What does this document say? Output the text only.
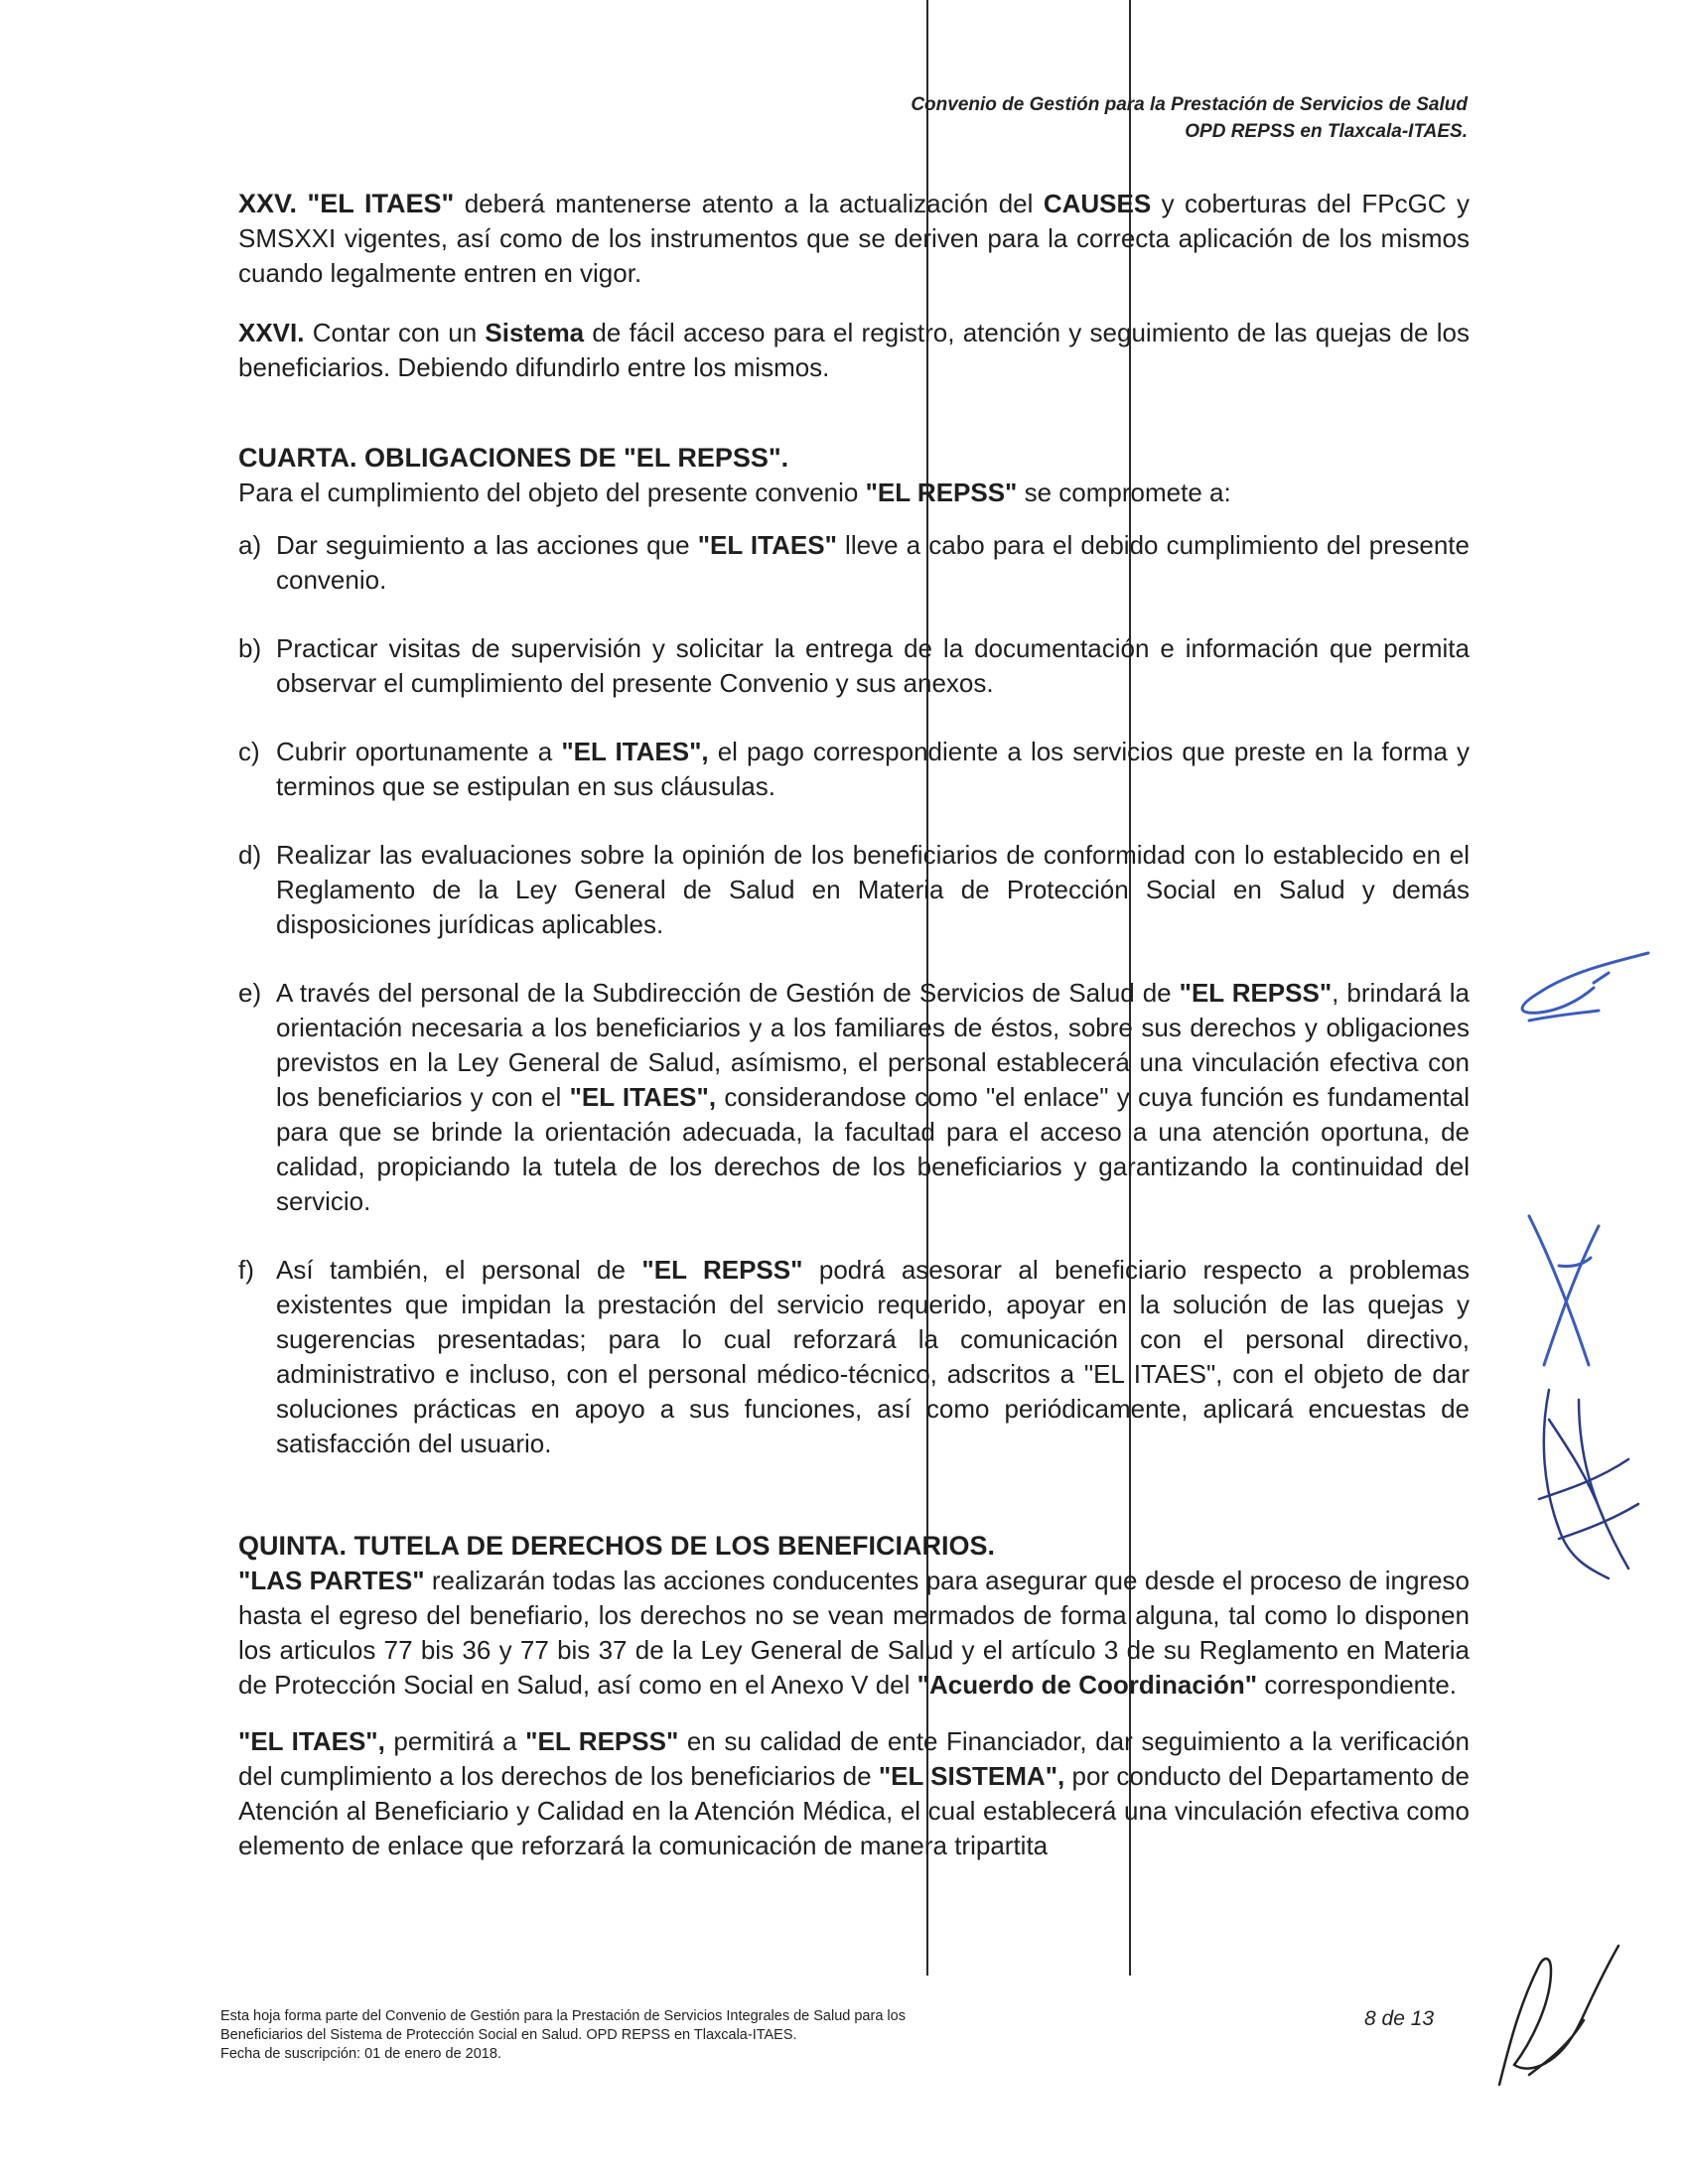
Convenio de Gestión para la Prestación de Servicios de Salud
OPD REPSS en Tlaxcala-ITAES.

XXV. "EL ITAES" deberá mantenerse atento a la actualización del CAUSES y coberturas del FPcGC y SMSXXI vigentes, así como de los instrumentos que se deriven para la correcta aplicación de los mismos cuando legalmente entren en vigor.

XXVI. Contar con un Sistema de fácil acceso para el registro, atención y seguimiento de las quejas de los beneficiarios. Debiendo difundirlo entre los mismos.

CUARTA. OBLIGACIONES DE "EL REPSS".

Para el cumplimiento del objeto del presente convenio "EL REPSS" se compromete a:

a) Dar seguimiento a las acciones que "EL ITAES" lleve a cabo para el debido cumplimiento del presente convenio.
b) Practicar visitas de supervisión y solicitar la entrega de la documentación e información que permita observar el cumplimiento del presente Convenio y sus anexos.
c) Cubrir oportunamente a "EL ITAES", el pago correspondiente a los servicios que preste en la forma y terminos que se estipulan en sus cláusulas.
d) Realizar las evaluaciones sobre la opinión de los beneficiarios de conformidad con lo establecido en el Reglamento de la Ley General de Salud en Materia de Protección Social en Salud y demás disposiciones jurídicas aplicables.
e) A través del personal de la Subdirección de Gestión de Servicios de Salud de "EL REPSS", brindará la orientación necesaria a los beneficiarios y a los familiares de éstos, sobre sus derechos y obligaciones previstos en la Ley General de Salud, asímismo, el personal establecerá una vinculación efectiva con los beneficiarios y con el "EL ITAES", considerandose como "el enlace" y cuya función es fundamental para que se brinde la orientación adecuada, la facultad para el acceso a una atención oportuna, de calidad, propiciando la tutela de los derechos de los beneficiarios y garantizando la continuidad del servicio.
f) Así también, el personal de "EL REPSS" podrá asesorar al beneficiario respecto a problemas existentes que impidan la prestación del servicio requerido, apoyar en la solución de las quejas y sugerencias presentadas; para lo cual reforzará la comunicación con el personal directivo, administrativo e incluso, con el personal médico-técnico, adscritos a "EL ITAES", con el objeto de dar soluciones prácticas en apoyo a sus funciones, así como periódicamente, aplicará encuestas de satisfacción del usuario.

QUINTA. TUTELA DE DERECHOS DE LOS BENEFICIARIOS.

"LAS PARTES" realizarán todas las acciones conducentes para asegurar que desde el proceso de ingreso hasta el egreso del benefiario, los derechos no se vean mermados de forma alguna, tal como lo disponen los articulos 77 bis 36 y 77 bis 37 de la Ley General de Salud y el artículo 3 de su Reglamento en Materia de Protección Social en Salud, así como en el Anexo V del "Acuerdo de Coordinación" correspondiente.

"EL ITAES", permitirá a "EL REPSS" en su calidad de ente Financiador, dar seguimiento a la verificación del cumplimiento a los derechos de los beneficiarios de "EL SISTEMA", por conducto del Departamento de Atención al Beneficiario y Calidad en la Atención Médica, el cual establecerá una vinculación efectiva como elemento de enlace que reforzará la comunicación de manera tripartita

Esta hoja forma parte del Convenio de Gestión para la Prestación de Servicios Integrales de Salud para los
Beneficiarios del Sistema de Protección Social en Salud. OPD REPSS en Tlaxcala-ITAES.
Fecha de suscripción: 01 de enero de 2018.
8 de 13
